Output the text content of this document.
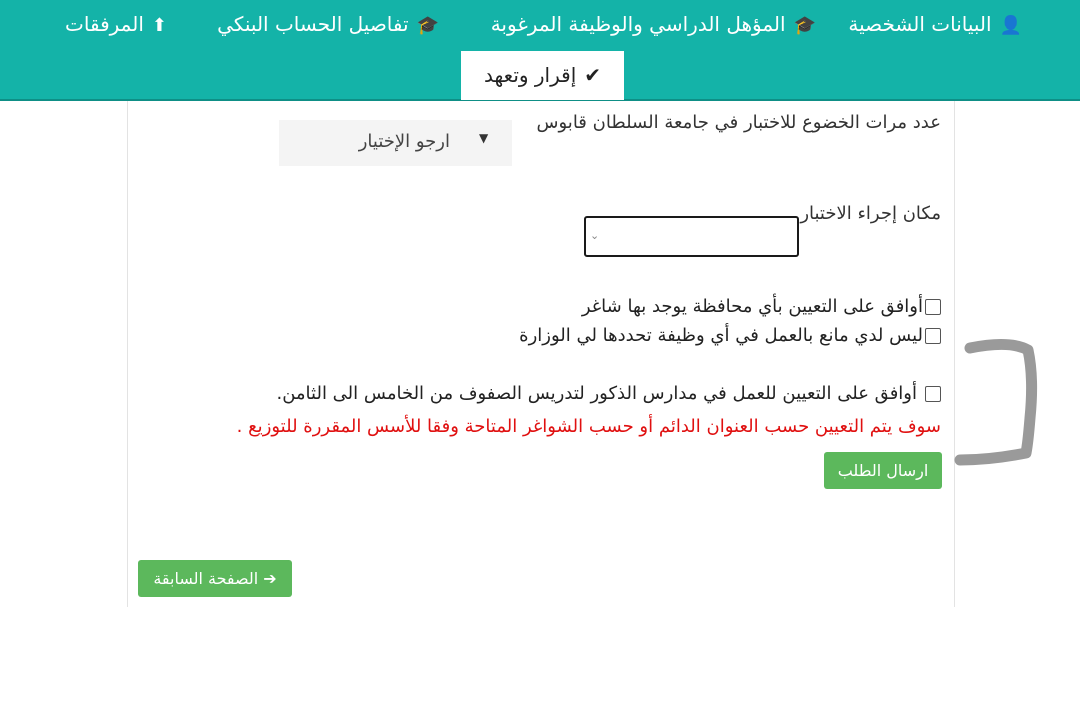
👤البيانات الشخصية
🎓المؤهل الدراسي والوظيفة المرغوبة
🎓تفاصيل الحساب البنكي
⬆المرفقات
✔إقرار وتعهد
عدد مرات الخضوع للاختبار في جامعة السلطان قابوس
ارجو الإختيار ▼
مكان إجراء الاختبار
⌄
أوافق على التعيين بأي محافظة يوجد بها شاغر
ليس لدي مانع بالعمل في أي وظيفة تحددها لي الوزارة
أوافق على التعيين للعمل في مدارس الذكور لتدريس الصفوف من الخامس الى الثامن.
سوف يتم التعيين حسب العنوان الدائم أو حسب الشواغر المتاحة وفقا للأسس المقررة للتوزيع .
ارسال الطلب
➔ الصفحة السابقة
